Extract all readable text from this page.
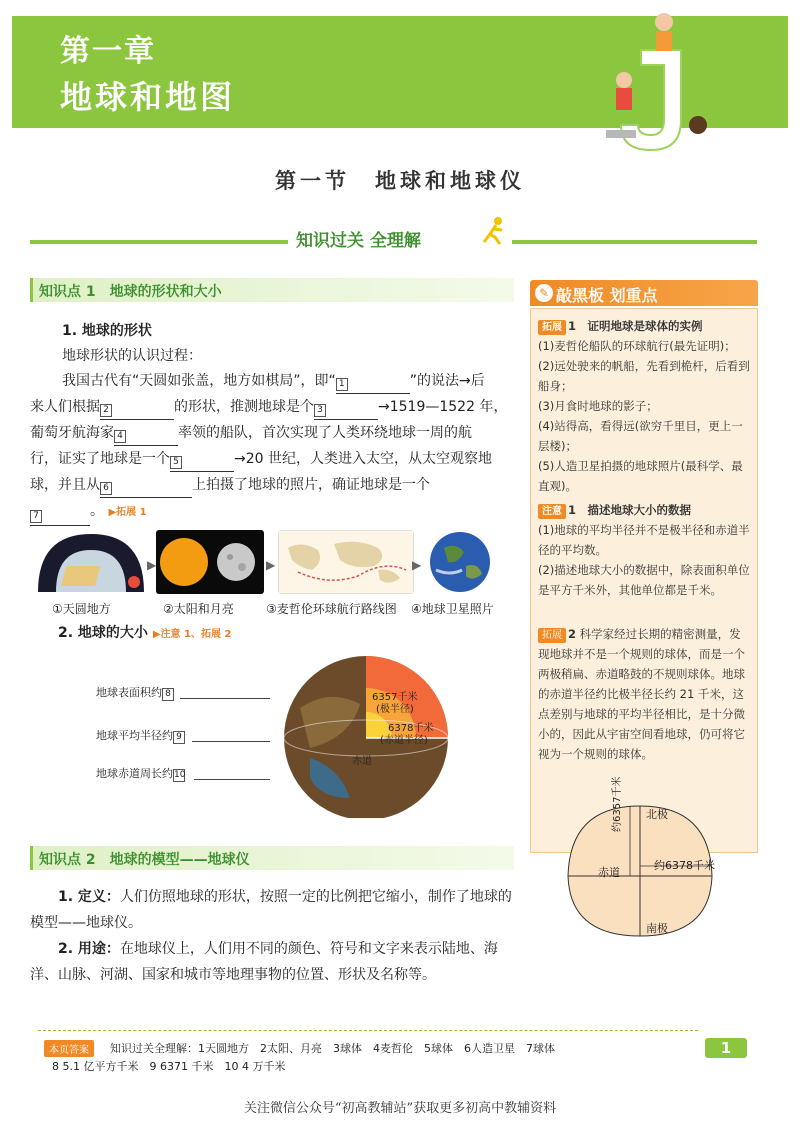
第一章
地球和地图
第一节　地球和地球仪
知识过关 全理解
知识点 1　地球的形状和大小
1. 地球的形状
地球形状的认识过程：
我国古代有“天圆如张盖，地方如棋局”，即“ 1	”的说法→后
来人们根据 2	的形状，推测地球是个 3	→1519—1522 年，
葡萄牙航海家 4	率领的船队，首次实现了人类环绕地球一周的航
行，证实了地球是一个 5	→20 世纪，人类进入太空，从太空观察地
球，并且从 6	上拍摄了地球的照片，确证地球是一个
7	。 ▶拓展 1
▶	▶	▶
①天圆地方	②太阳和月亮	③麦哲伦环球航行路线图 ④地球卫星照片
2. 地球的大小 ▶注意 1、拓展 2
6357千米
(极半径)
6378千米
(赤道半径)
赤道
地球表面积约 8
地球平均半径约 9
地球赤道周长约10
知识点 2　地球的模型——地球仪
1. 定义：人们仿照地球的形状，按照一定的比例把它缩小，制作了地球的模型——地球仪。
2. 用途：在地球仪上，人们用不同的颜色、符号和文字来表示陆地、海洋、山脉、河湖、国家和城市等地理事物的位置、形状及名称等。
✎ 敲黑板 划重点
拓展 1　证明地球是球体的实例
(1)麦哲伦船队的环球航行(最先证明)；
(2)远处驶来的帆船，先看到桅杆，后看到船身；
(3)月食时地球的影子；
(4)站得高，看得远(欲穷千里目，更上一层楼)；
(5)人造卫星拍摄的地球照片(最科学、最直观)。
注意 1　描述地球大小的数据
(1)地球的平均半径并不是极半径和赤道半径的平均数。
(2)描述地球大小的数据中，除表面积单位是平方千米外，其他单位都是千米。
拓展 2 科学家经过长期的精密测量，发现地球并不是一个规则的球体，而是一个两极稍扁、赤道略鼓的不规则球体。地球的赤道半径约比极半径长约 21 千米，这点差别与地球的平均半径相比，是十分微小的，因此从宇宙空间看地球，仍可将它视为一个规则的球体。
北极
南极
赤道
约6378千米
约6357千米
本页答案	知识过关全理解：1天圆地方　2太阳、月亮　3球体　4麦哲伦　5球体　6人造卫星　7球体
8 5.1 亿平方千米　9 6371 千米　10 4 万千米
1
关注微信公众号“初高教辅站”获取更多初高中教辅资料
